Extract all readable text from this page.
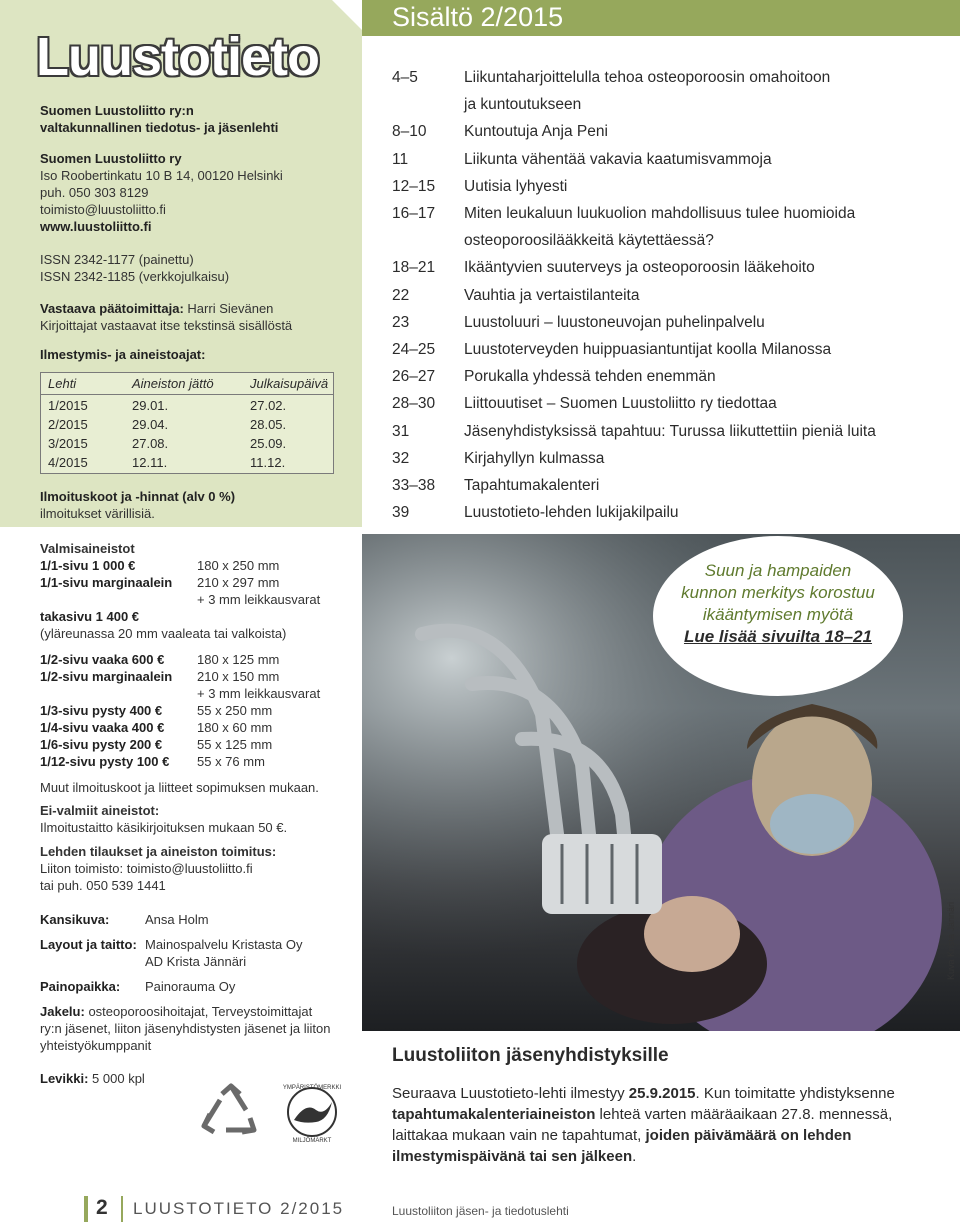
Luustotieto
Suomen Luustoliitto ry:n
valtakunnallinen tiedotus- ja jäsenlehti
Suomen Luustoliitto ry
Iso Roobertinkatu 10 B 14, 00120 Helsinki
puh. 050 303 8129
toimisto@luustoliitto.fi
www.luustoliitto.fi
ISSN 2342-1177 (painettu)
ISSN 2342-1185 (verkkojulkaisu)
Vastaava päätoimittaja: Harri Sievänen
Kirjoittajat vastaavat itse tekstinsä sisällöstä
Ilmestymis- ja aineistoajat:
Lehti	Aineiston jättö	Julkaisupäivä
1/2015	29.01.	27.02.
2/2015	29.04.	28.05.
3/2015	27.08.	25.09.
4/2015	12.11.	11.12.
Ilmoituskoot ja -hinnat (alv 0 %)
ilmoitukset värillisiä.
Valmisaineistot
1/1-sivu 1 000 €	180 x 250 mm
1/1-sivu marginaalein	210 x 297 mm
+ 3 mm leikkausvarat
takasivu 1 400 €
(yläreunassa 20 mm vaaleata tai valkoista)
1/2-sivu vaaka 600 €	180 x 125 mm
1/2-sivu marginaalein	210 x 150 mm
+ 3 mm leikkausvarat
1/3-sivu pysty 400 €	55 x 250 mm
1/4-sivu vaaka 400 €	180 x 60 mm
1/6-sivu pysty 200 €	55 x 125 mm
1/12-sivu pysty 100 €	55 x 76 mm
Muut ilmoituskoot ja liitteet sopimuksen mukaan.
Ei-valmiit aineistot:
Ilmoitustaitto käsikirjoituksen mukaan 50 €.
Lehden tilaukset ja aineiston toimitus:
Liiton toimisto: toimisto@luustoliitto.fi
tai puh. 050 539 1441
Kansikuva:	Ansa Holm
Layout ja taitto: Mainospalvelu Kristasta Oy
AD Krista Jännäri
Painopaikka:	Painorauma Oy
Jakelu: osteoporoosihoitajat, Terveystoimittajat
ry:n jäsenet, liiton jäsenyhdistysten jäsenet ja liiton
yhteistyökumppanit
Levikki: 5 000 kpl
YMPÄRISTÖMERKKI
MILJÖMÄRKT
Sisältö 2/2015
4–5	Liikuntaharjoittelulla tehoa osteoporoosin omahoitoon
ja kuntoutukseen
8–10	Kuntoutuja Anja Peni
11	Liikunta vähentää vakavia kaatumisvammoja
12–15	Uutisia lyhyesti
16–17	Miten leukaluun luukuolion mahdollisuus tulee huomioida
osteoporoosilääkkeitä käytettäessä?
18–21	Ikääntyvien suuterveys ja osteoporoosin lääkehoito
22	Vauhtia ja vertaistilanteita
23	Luustoluuri – luustoneuvojan puhelinpalvelu
24–25	Luustoterveyden huippuasiantuntijat koolla Milanossa
26–27	Porukalla yhdessä tehden enemmän
28–30	Liittouutiset – Suomen Luustoliitto ry tiedottaa
31	Jäsenyhdistyksissä tapahtuu: Turussa liikuttettiin pieniä luita
32	Kirjahyllyn kulmassa
33–38	Tapahtumakalenteri
39	Luustotieto-lehden lukijakilpailu
Suun ja hampaiden
kunnon merkitys korostuu
ikääntymisen myötä
Lue lisää sivuilta 18–21
Kuva Krista Jännäri
Luustoliiton jäsenyhdistyksille
Seuraava Luustotieto-lehti ilmestyy 25.9.2015. Kun toimitatte yhdistyksenne tapahtumakalenteriaineiston lehteä varten määräaikaan 27.8. mennessä, laittakaa mukaan vain ne tapahtumat, joiden päivämäärä on lehden ilmestymispäivänä tai sen jälkeen.
2 LUUSTOTIETO 2/2015	Luustoliiton jäsen- ja tiedotuslehti
